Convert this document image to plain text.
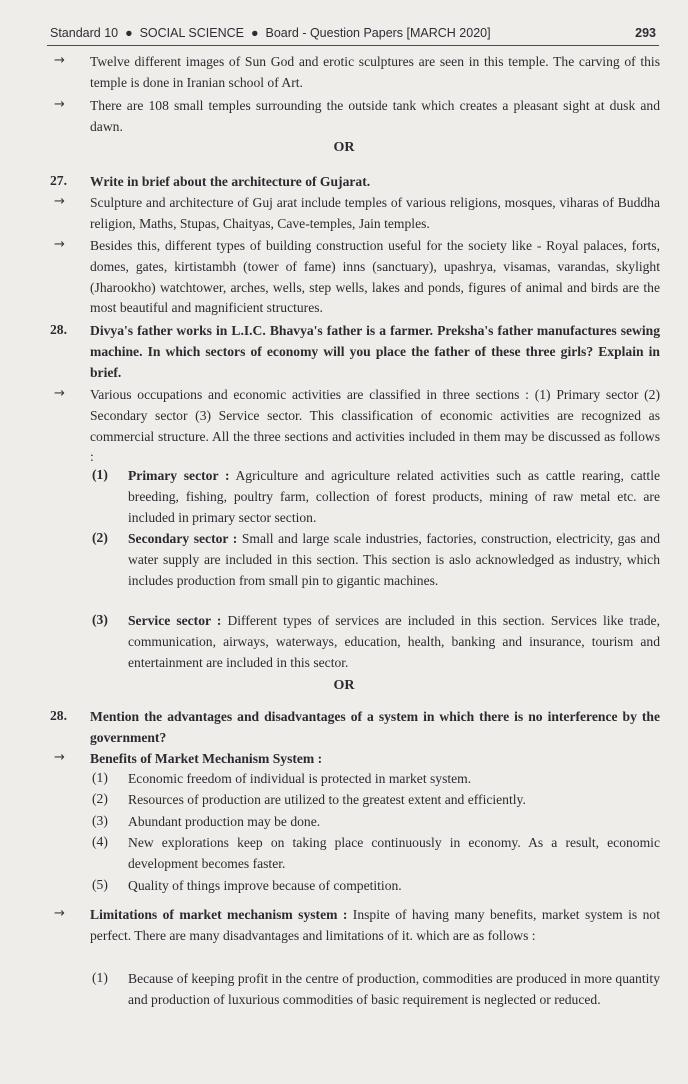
Standard 10  ●  SOCIAL SCIENCE  ●  Board - Question Papers [MARCH 2020]	293
→ Twelve different images of Sun God and erotic sculptures are seen in this temple. The carving of this temple is done in Iranian school of Art.
→ There are 108 small temples surrounding the outside tank which creates a pleasant sight at dusk and dawn.
OR
27. Write in brief about the architecture of Gujarat.
→ Sculpture and architecture of Guj arat include temples of various religions, mosques, viharas of Buddha religion, Maths, Stupas, Chaityas, Cave-temples, Jain temples.
→ Besides this, different types of building construction useful for the society like - Royal palaces, forts, domes, gates, kirtistambh (tower of fame) inns (sanctuary), upashrya, visamas, varandas, skylight (Jharookho) watchtower, arches, wells, step wells, lakes and ponds, figures of animal and birds are the most beautiful and magnificient structures.
28. Divya's father works in L.I.C. Bhavya's father is a farmer. Preksha's father manufactures sewing machine. In which sectors of economy will you place the father of these three girls? Explain in brief.
→ Various occupations and economic activities are classified in three sections : (1) Primary sector (2) Secondary sector (3) Service sector. This classification of economic activities are recognized as commercial structure. All the three sections and activities included in them may be discussed as follows :
(1) Primary sector : Agriculture and agriculture related activities such as cattle rearing, cattle breeding, fishing, poultry farm, collection of forest products, mining of raw metal etc. are included in primary sector section.
(2) Secondary sector : Small and large scale industries, factories, construction, electricity, gas and water supply are included in this section. This section is aslo acknowledged as industry, which includes production from small pin to gigantic machines.
(3) Service sector : Different types of services are included in this section. Services like trade, communication, airways, waterways, education, health, banking and insurance, tourism and entertainment are included in this sector.
OR
28. Mention the advantages and disadvantages of a system in which there is no interference by the government?
→ Benefits of Market Mechanism System :
(1) Economic freedom of individual is protected in market system.
(2) Resources of production are utilized to the greatest extent and efficiently.
(3) Abundant production may be done.
(4) New explorations keep on taking place continuously in economy. As a result, economic development becomes faster.
(5) Quality of things improve because of competition.
→ Limitations of market mechanism system : Inspite of having many benefits, market system is not perfect. There are many disadvantages and limitations of it. which are as follows :
(1) Because of keeping profit in the centre of production, commodities are produced in more quantity and production of luxurious commodities of basic requirement is neglected or reduced.
